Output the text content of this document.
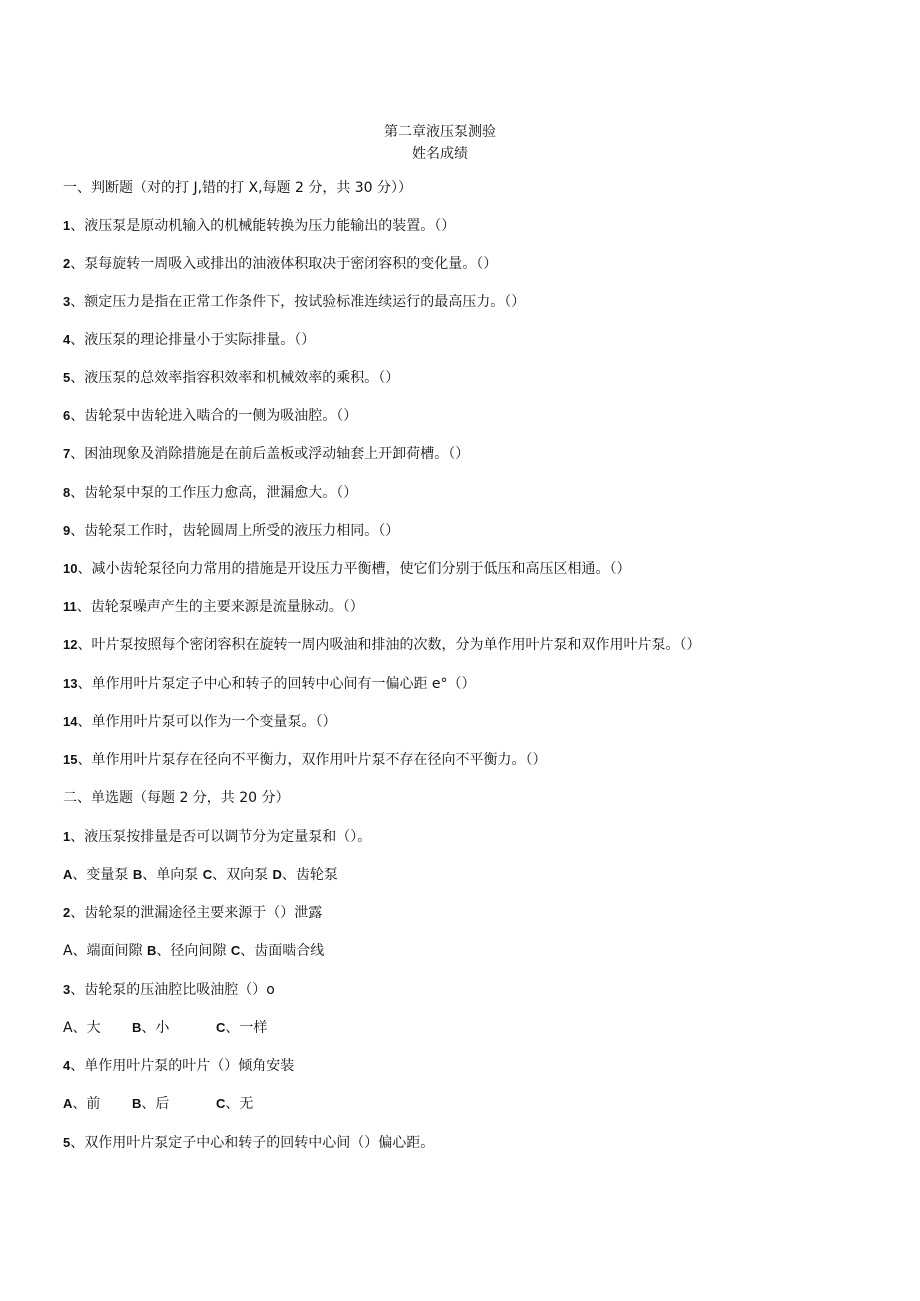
第二章液压泵测验
姓名成绩
一、判断题（对的打 J,错的打 X,每题 2 分，共 30 分））
1、液压泵是原动机输入的机械能转换为压力能输出的装置。（）
2、泵每旋转一周吸入或排出的油液体积取决于密闭容积的变化量。（）
3、额定压力是指在正常工作条件下，按试验标准连续运行的最高压力。（）
4、液压泵的理论排量小于实际排量。（）
5、液压泵的总效率指容积效率和机械效率的乘积。（）
6、齿轮泵中齿轮进入啮合的一侧为吸油腔。（）
7、困油现象及消除措施是在前后盖板或浮动轴套上开卸荷槽。（）
8、齿轮泵中泵的工作压力愈高，泄漏愈大。（）
9、齿轮泵工作时，齿轮圆周上所受的液压力相同。（）
10、减小齿轮泵径向力常用的措施是开设压力平衡槽，使它们分别于低压和高压区相通。（）
11、齿轮泵噪声产生的主要来源是流量脉动。（）
12、叶片泵按照每个密闭容积在旋转一周内吸油和排油的次数，分为单作用叶片泵和双作用叶片泵。（）
13、单作用叶片泵定子中心和转子的回转中心间有一偏心距 e°（）
14、单作用叶片泵可以作为一个变量泵。（）
15、单作用叶片泵存在径向不平衡力，双作用叶片泵不存在径向不平衡力。（）
二、单选题（每题 2 分，共 20 分）
1、液压泵按排量是否可以调节分为定量泵和（）。
A、变量泵 B、单向泵 C、双向泵 D、齿轮泵
2、齿轮泵的泄漏途径主要来源于（）泄露
A、端面间隙 B、径向间隙 C、齿面啮合线
3、齿轮泵的压油腔比吸油腔（）o
A、大 B、小	C、一样
4、单作用叶片泵的叶片（）倾角安装
A、前 B、后	C、无
5、双作用叶片泵定子中心和转子的回转中心间（）偏心距。
